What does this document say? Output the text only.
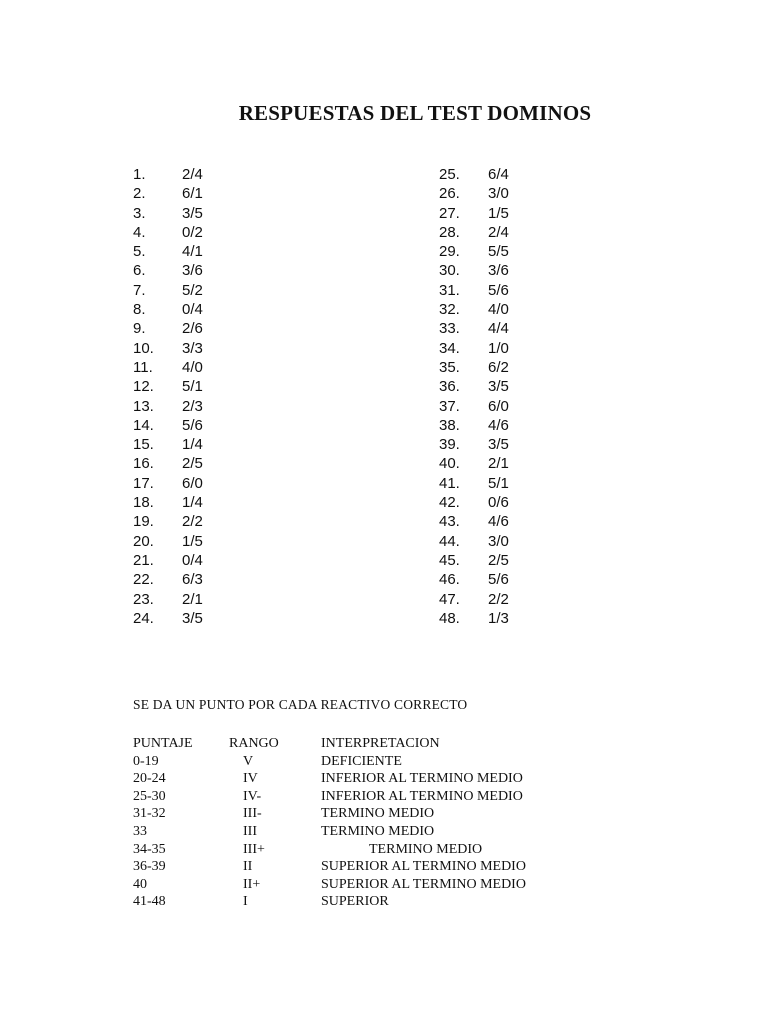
RESPUESTAS DEL TEST DOMINOS
1.	2/4
2.	6/1
3.	3/5
4.	0/2
5.	4/1
6.	3/6
7.	5/2
8.	0/4
9.	2/6
10.	3/3
11.	4/0
12.	5/1
13.	2/3
14.	5/6
15.	1/4
16.	2/5
17.	6/0
18.	1/4
19.	2/2
20.	1/5
21.	0/4
22.	6/3
23.	2/1
24.	3/5
25.	6/4
26.	3/0
27.	1/5
28.	2/4
29.	5/5
30.	3/6
31.	5/6
32.	4/0
33.	4/4
34.	1/0
35.	6/2
36.	3/5
37.	6/0
38.	4/6
39.	3/5
40.	2/1
41.	5/1
42.	0/6
43.	4/6
44.	3/0
45.	2/5
46.	5/6
47.	2/2
48.	1/3
SE DA UN PUNTO POR CADA REACTIVO CORRECTO
PUNTAJE	RANGO	INTERPRETACION
0-19	V	DEFICIENTE
20-24	IV	INFERIOR AL TERMINO MEDIO
25-30	IV-	INFERIOR AL TERMINO MEDIO
31-32	III-	TERMINO MEDIO
33	III	TERMINO MEDIO
34-35	III+	TERMINO MEDIO
36-39	II	SUPERIOR AL TERMINO MEDIO
40	II+	SUPERIOR AL TERMINO MEDIO
41-48	I	SUPERIOR
